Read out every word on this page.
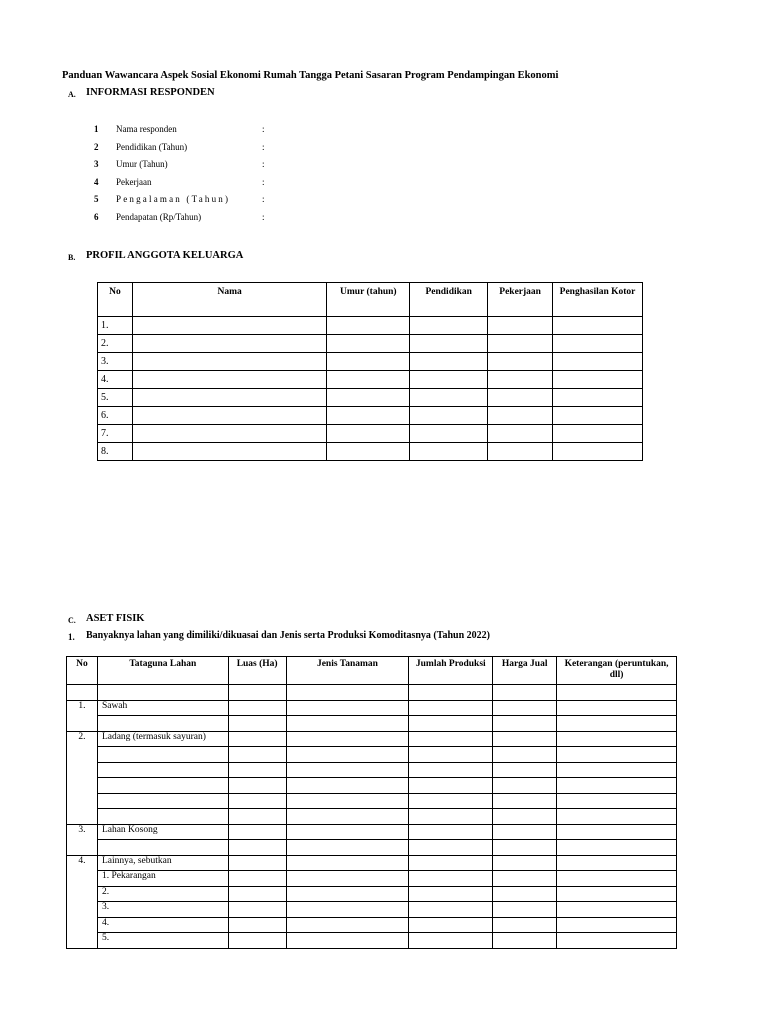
Panduan Wawancara Aspek Sosial Ekonomi Rumah Tangga Petani Sasaran Program Pendampingan Ekonomi
A. INFORMASI RESPONDEN
1 Nama responden	:
2 Pendidikan (Tahun)	:
3 Umur (Tahun)	:
4 Pekerjaan	:
5 Pengalaman (Tahun)	:
6 Pendapatan (Rp/Tahun)	:
B. PROFIL ANGGOTA KELUARGA
No	Nama	Umur (tahun)	Pendidikan	Pekerjaan	Penghasilan Kotor
1.					
2.					
3.					
4.					
5.					
6.					
7.					
8.					
C. ASET FISIK
1. Banyaknya lahan yang dimiliki/dikuasai dan Jenis serta Produksi Komoditasnya (Tahun 2022)
No	Tataguna Lahan	Luas (Ha)	Jenis Tanaman	Jumlah Produksi	Harga Jual	Keterangan (peruntukan, dll)

1.	Sawah					

2.	Ladang (termasuk sayuran)					

3.	Lahan Kosong					

4.	Lainnya, sebutkan					
	1. Pekarangan					
	2.					
	3.					
	4.					
	5.					
